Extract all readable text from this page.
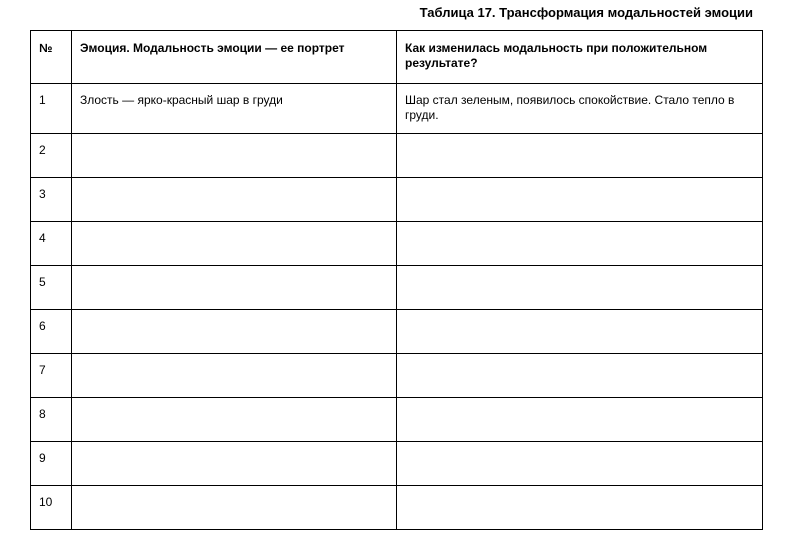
Таблица 17. Трансформация модальностей эмоции
№	Эмоция. Модальность эмоции — ее портрет	Как изменилась модальность при положительном результате?
1	Злость — ярко-красный шар в груди	Шар стал зеленым, появилось спокойствие. Стало тепло в груди.
2		
3		
4		
5		
6		
7		
8		
9		
10		
